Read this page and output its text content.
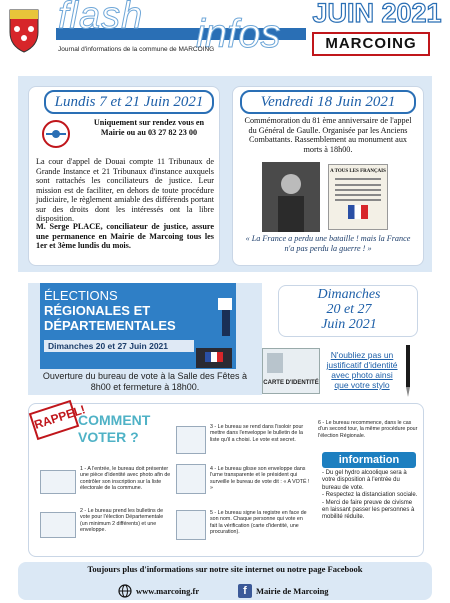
flash infos
Journal d'informations de la commune de MARCOING
JUIN 2021
MARCOING
Lundis 7 et 21 Juin 2021
Uniquement sur rendez vous en Mairie ou au 03 27 82 23 00
La cour d'appel de Douai compte 11 Tribunaux de Grande Instance et 21 Tribunaux d'instance auxquels sont rattachés les conciliateurs de justice. Leur mission est de faciliter, en dehors de toute procédure judiciaire, le règlement amiable des différends portant sur des droits dont les intéressés ont la libre disposition.
M. Serge PLACE, conciliateur de justice, assure une permanence en Mairie de Marcoing tous les 1er et 3ème lundis du mois.
Vendredi 18 Juin 2021
Commémoration du 81 ème anniversaire de l'appel du Général de Gaulle. Organisée par les Anciens Combattants. Rassemblement au monument aux morts à 18h00.
A TOUS LES FRANÇAIS
« La France a perdu une bataille ! mais la France n'a pas perdu la guerre ! »
ÉLECTIONS
RÉGIONALES ET
DÉPARTEMENTALES
Dimanches 20 et 27 Juin 2021
Ouverture du bureau de vote à la Salle des Fêtes à 8h00 et fermeture à 18h00.
Dimanches
20 et 27
Juin 2021
CARTE D'IDENTITÉ
N'oubliez pas un justificatif d'identité avec photo ainsi que votre stylo
RAPPEL!
COMMENT
VOTER ?
1 - A l'entrée, le bureau doit présenter une pièce d'identité avec photo afin de contrôler son inscription sur la liste électorale de la commune.
2 - Le bureau prend les bulletins de vote pour l'élection Départementale (un minimum 2 différents) et une enveloppe.
3 - Le bureau se rend dans l'isoloir pour mettre dans l'enveloppe le bulletin de la liste qu'il a choisi. Le vote est secret.
4 - Le bureau glisse son enveloppe dans l'urne transparente et le président qui surveille le bureau de vote dit : « A VOTÉ ! »
5 - Le bureau signe la registre en face de son nom. Chaque personne qui vote en fait la vérification (carte d'identité, une procuration).
6 - Le bureau recommence, dans le cas d'un second tour, la même procédure pour l'élection Régionale.
information
- Du gel hydro alcoolique sera à votre disposition à l'entrée du bureau de vote.
- Respectez la distanciation sociale.
- Merci de faire preuve de civisme en laissant passer les personnes à mobilité réduite.
Toujours plus d'informations sur notre site internet ou notre page Facebook
www.marcoing.fr	f	Mairie de Marcoing
